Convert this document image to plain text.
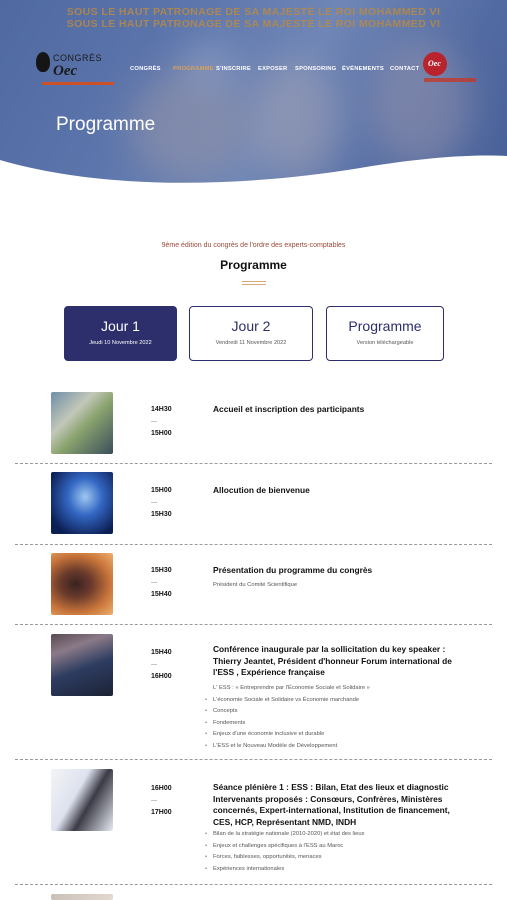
SOUS LE HAUT PATRONAGE DE SA MAJESTÉ LE ROI MOHAMMED VI
SOUS LE HAUT PATRONAGE DE SA MAJESTÉ LE ROI MOHAMMED VI
CONGRÈS
Oec	CONGRÈS PROGRAMME S'INSCRIRE EXPOSER SPONSORING ÉVÉNEMENTS CONTACT
Oec
Programme
9ème édition du congrès de l'ordre des experts-comptables
Programme
Jour 1
Jeudi 10 Novembre 2022
Jour 2
Vendredi 11 Novembre 2022
Programme
Version téléchargeable
14H30
---
15H00
Accueil et inscription des participants
15H00
---
15H30
Allocution de bienvenue
15H30
---
15H40
Présentation du programme du congrès
Président du Comité Scientifique
15H40
---
16H00
Conférence inaugurale par la sollicitation du key speaker : Thierry Jeantet, Président d'honneur Forum international de l'ESS , Expérience française
L' ESS : « Entreprendre par l'Économie Sociale et Solidaire »
• L'économie Sociale et Solidaire vs Économie marchande
• Concepts
• Fondements
• Enjeux d'une économie inclusive et durable
• L'ESS et le Nouveau Modèle de Développement
16H00
---
17H00
Séance plénière 1 : ESS : Bilan, Etat des lieux et diagnostic Intervenants proposés : Consœurs, Confrères, Ministères concernés, Expert-international, Institution de financement, CES, HCP, Représentant NMD, INDH
• Bilan de la stratégie nationale (2010-2020) et état des lieux
• Enjeux et challenges spécifiques à l'ESS au Maroc
• Forces, faiblesses, opportunités, menaces
• Expériences internationales
